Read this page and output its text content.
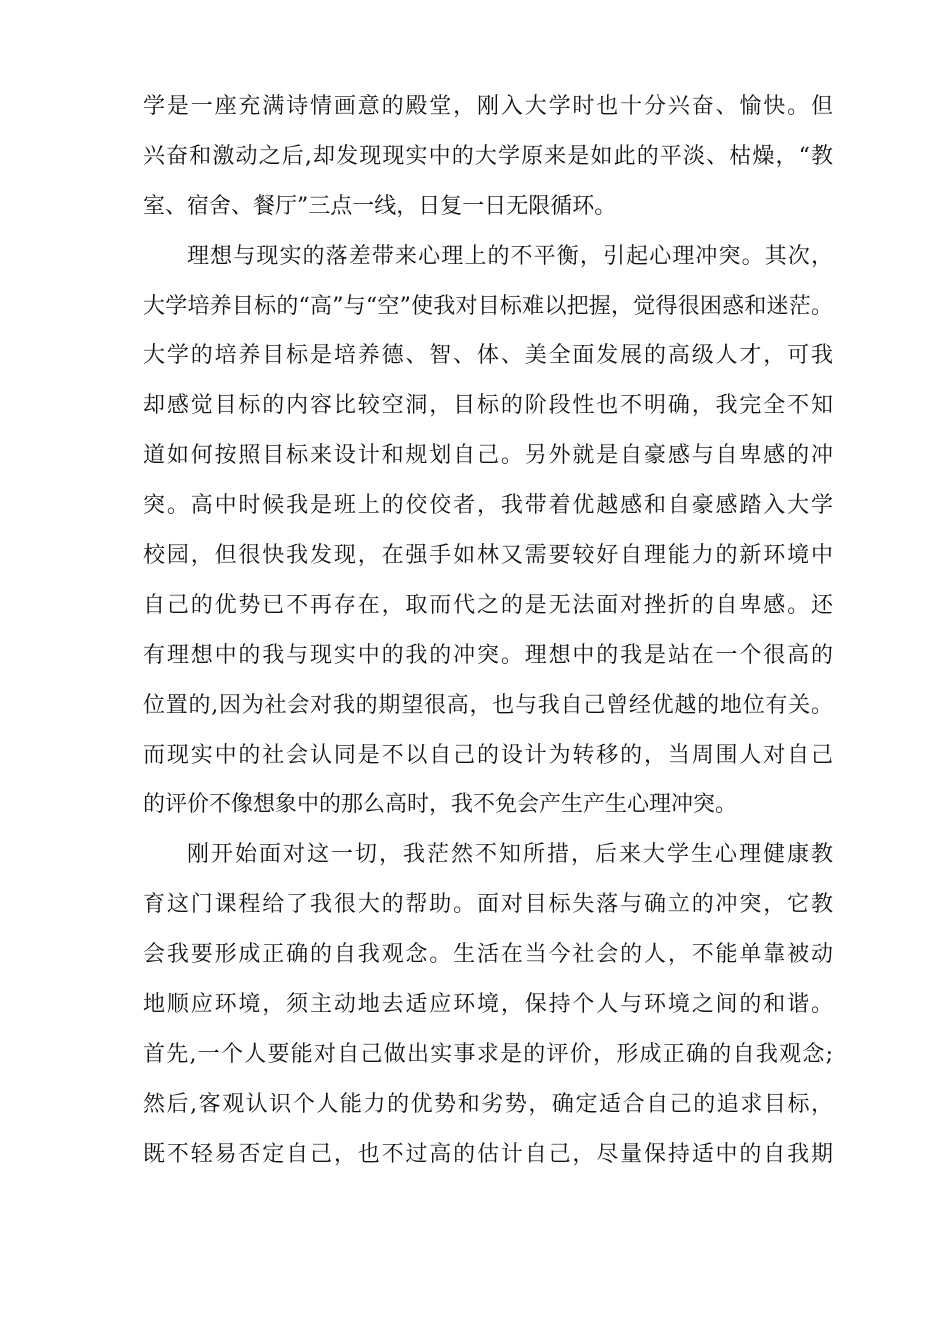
学是一座充满诗情画意的殿堂，刚入大学时也十分兴奋、愉快。但
兴奋和激动之后,却发现现实中的大学原来是如此的平淡、枯燥，“教
室、宿舍、餐厅”三点一线，日复一日无限循环。
理想与现实的落差带来心理上的不平衡，引起心理冲突。其次，
大学培养目标的“高”与“空”使我对目标难以把握，觉得很困惑和迷茫。
大学的培养目标是培养德、智、体、美全面发展的高级人才，可我
却感觉目标的内容比较空洞，目标的阶段性也不明确，我完全不知
道如何按照目标来设计和规划自己。另外就是自豪感与自卑感的冲
突。高中时候我是班上的佼佼者，我带着优越感和自豪感踏入大学
校园，但很快我发现，在强手如林又需要较好自理能力的新环境中
自己的优势已不再存在，取而代之的是无法面对挫折的自卑感。还
有理想中的我与现实中的我的冲突。理想中的我是站在一个很高的
位置的,因为社会对我的期望很高，也与我自己曾经优越的地位有关。
而现实中的社会认同是不以自己的设计为转移的，当周围人对自己
的评价不像想象中的那么高时，我不免会产生产生心理冲突。
刚开始面对这一切，我茫然不知所措，后来大学生心理健康教
育这门课程给了我很大的帮助。面对目标失落与确立的冲突，它教
会我要形成正确的自我观念。生活在当今社会的人，不能单靠被动
地顺应环境，须主动地去适应环境，保持个人与环境之间的和谐。
首先,一个人要能对自己做出实事求是的评价，形成正确的自我观念;
然后,客观认识个人能力的优势和劣势，确定适合自己的追求目标，
既不轻易否定自己，也不过高的估计自己，尽量保持适中的自我期
